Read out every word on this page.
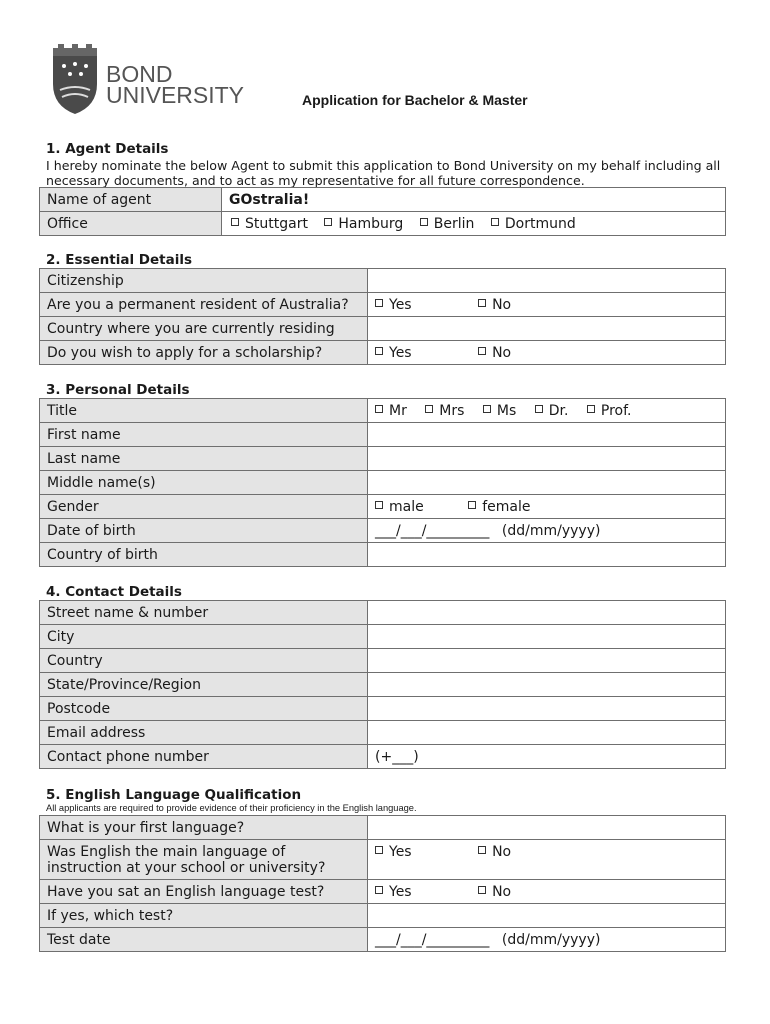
BOND
UNIVERSITY	Application for Bachelor & Master
1. Agent Details
I hereby nominate the below Agent to submit this application to Bond University on my behalf including all necessary documents, and to act as my representative for all future correspondence.
Name of agent	GOstralia!
Office	Stuttgart Hamburg Berlin Dortmund
2. Essential Details
Citizenship	
Are you a permanent resident of Australia?	Yes No
Country where you are currently residing	
Do you wish to apply for a scholarship?	Yes No
3. Personal Details
Title	Mr Mrs Ms Dr. Prof.
First name	
Last name	
Middle name(s)	
Gender	male female
Date of birth	___/___/_________ (dd/mm/yyyy)
Country of birth	
4. Contact Details
Street name & number	
City	
Country	
State/Province/Region	
Postcode	
Email address	
Contact phone number	(+___)
5. English Language Qualification
All applicants are required to provide evidence of their proficiency in the English language.
What is your first language?	

Was English the main language of
instruction at your school or university?	Yes No
Have you sat an English language test?	Yes No
If yes, which test?	
Test date	___/___/_________ (dd/mm/yyyy)
